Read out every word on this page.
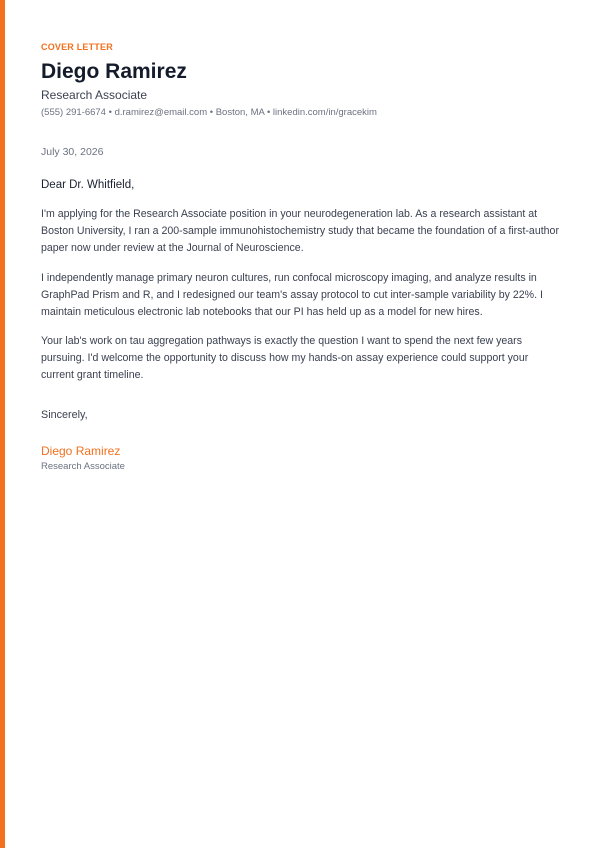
COVER LETTER
Diego Ramirez
Research Associate
(555) 291-6674 • d.ramirez@email.com • Boston, MA • linkedin.com/in/gracekim
July 30, 2026
Dear Dr. Whitfield,

I'm applying for the Research Associate position in your neurodegeneration lab. As a research assistant at Boston University, I ran a 200-sample immunohistochemistry study that became the foundation of a first-author paper now under review at the Journal of Neuroscience.

I independently manage primary neuron cultures, run confocal microscopy imaging, and analyze results in GraphPad Prism and R, and I redesigned our team's assay protocol to cut inter-sample variability by 22%. I maintain meticulous electronic lab notebooks that our PI has held up as a model for new hires.

Your lab's work on tau aggregation pathways is exactly the question I want to spend the next few years pursuing. I'd welcome the opportunity to discuss how my hands-on assay experience could support your current grant timeline.

Sincerely,
Diego Ramirez
Research Associate
